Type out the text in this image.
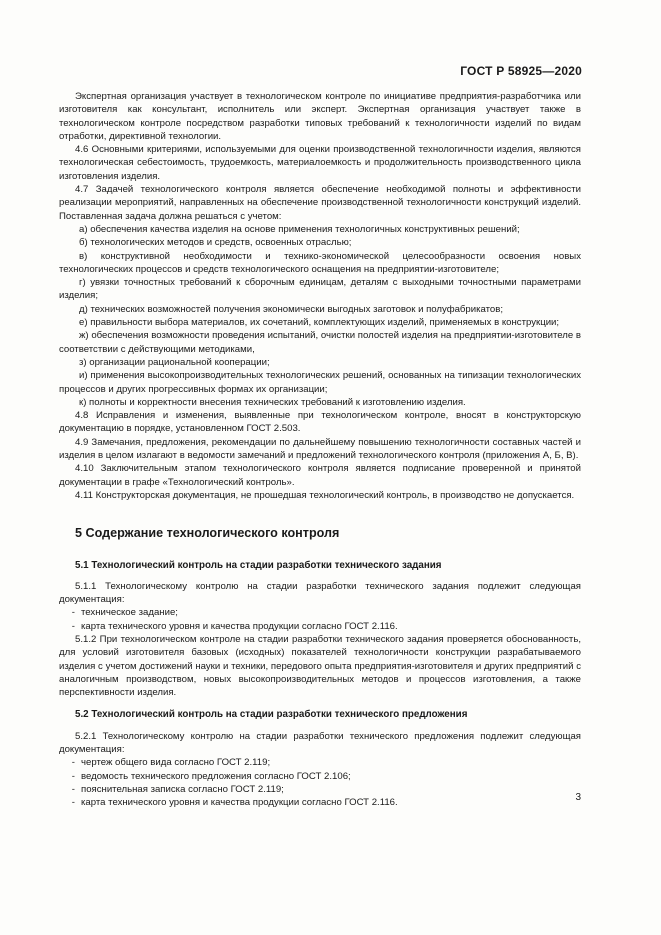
ГОСТ Р 58925—2020

Экспертная организация участвует в технологическом контроле по инициативе предприятия-разработчика или изготовителя как консультант, исполнитель или эксперт. Экспертная организация участвует также в технологическом контроле посредством разработки типовых требований к технологичности изделий по видам отработки, директивной технологии.

4.6 Основными критериями, используемыми для оценки производственной технологичности изделия, являются технологическая себестоимость, трудоемкость, материалоемкость и продолжительность производственного цикла изготовления изделия.

4.7 Задачей технологического контроля является обеспечение необходимой полноты и эффективности реализации мероприятий, направленных на обеспечение производственной технологичности конструкций изделий. Поставленная задача должна решаться с учетом:

а) обеспечения качества изделия на основе применения технологичных конструктивных решений;

б) технологических методов и средств, освоенных отраслью;

в) конструктивной необходимости и технико-экономической целесообразности освоения новых технологических процессов и средств технологического оснащения на предприятии-изготовителе;

г) увязки точностных требований к сборочным единицам, деталям с выходными точностными параметрами изделия;

д) технических возможностей получения экономически выгодных заготовок и полуфабрикатов;

е) правильности выбора материалов, их сочетаний, комплектующих изделий, применяемых в конструкции;

ж) обеспечения возможности проведения испытаний, очистки полостей изделия на предприятии-изготовителе в соответствии с действующими методиками,

з) организации рациональной кооперации;

и) применения высокопроизводительных технологических решений, основанных на типизации технологических процессов и других прогрессивных формах их организации;

к) полноты и корректности внесения технических требований к изготовлению изделия.

4.8 Исправления и изменения, выявленные при технологическом контроле, вносят в конструкторскую документацию в порядке, установленном ГОСТ 2.503.

4.9 Замечания, предложения, рекомендации по дальнейшему повышению технологичности составных частей и изделия в целом излагают в ведомости замечаний и предложений технологического контроля (приложения А, Б, В).

4.10 Заключительным этапом технологического контроля является подписание проверенной и принятой документации в графе «Технологический контроль».

4.11 Конструкторская документация, не прошедшая технологический контроль, в производство не допускается.

5 Содержание технологического контроля
5.1 Технологический контроль на стадии разработки технического задания

5.1.1 Технологическому контролю на стадии разработки технического задания подлежит следующая документация:

- техническое задание;

- карта технического уровня и качества продукции согласно ГОСТ 2.116.

5.1.2 При технологическом контроле на стадии разработки технического задания проверяется обоснованность, для условий изготовителя базовых (исходных) показателей технологичности конструкции разрабатываемого изделия с учетом достижений науки и техники, передового опыта предприятия-изготовителя и других предприятий с аналогичным производством, новых высокопроизводительных методов и процессов изготовления, а также перспективности изделия.

5.2 Технологический контроль на стадии разработки технического предложения

5.2.1 Технологическому контролю на стадии разработки технического предложения подлежит следующая документация:

- чертеж общего вида согласно ГОСТ 2.119;

- ведомость технического предложения согласно ГОСТ 2.106;

- пояснительная записка согласно ГОСТ 2.119;

- карта технического уровня и качества продукции согласно ГОСТ 2.116.	3
